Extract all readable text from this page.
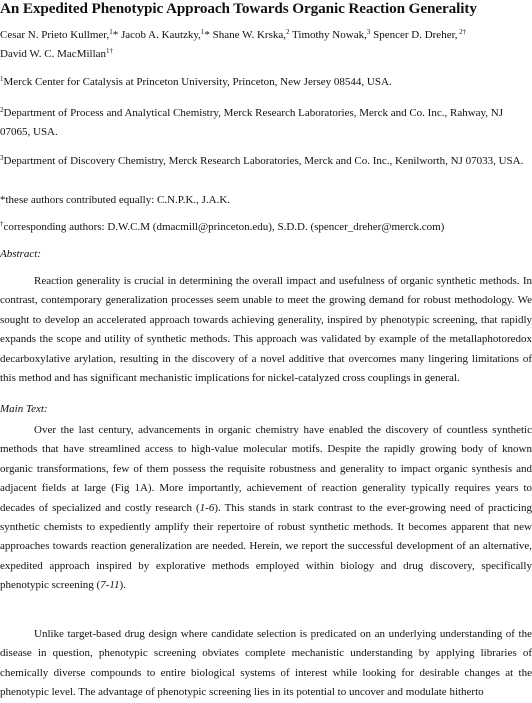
An Expedited Phenotypic Approach Towards Organic Reaction Generality
Cesar N. Prieto Kullmer,$^1$* Jacob A. Kautzky,$^1$* Shane W. Krska,$^2$ Timothy Nowak,$^3$ Spencer D. Dreher, $^{2\dagger}$
David W. C. MacMillan$^{1\dagger}$
$^1$Merck Center for Catalysis at Princeton University, Princeton, New Jersey 08544, USA.
$^2$Department of Process and Analytical Chemistry, Merck Research Laboratories, Merck and Co. Inc., Rahway, NJ 07065, USA.
$^3$Department of Discovery Chemistry, Merck Research Laboratories, Merck and Co. Inc., Kenilworth, NJ 07033, USA.
*these authors contributed equally: C.N.P.K., J.A.K.
†corresponding authors: D.W.C.M (dmacmill@princeton.edu), S.D.D. (spencer_dreher@merck.com)
Abstract:

Reaction generality is crucial in determining the overall impact and usefulness of organic synthetic methods. In contrast, contemporary generalization processes seem unable to meet the growing demand for robust methodology. We sought to develop an accelerated approach towards achieving generality, inspired by phenotypic screening, that rapidly expands the scope and utility of synthetic methods. This approach was validated by example of the metallaphotoredox decarboxylative arylation, resulting in the discovery of a novel additive that overcomes many lingering limitations of this method and has significant mechanistic implications for nickel-catalyzed cross couplings in general.

Main Text:

Over the last century, advancements in organic chemistry have enabled the discovery of countless synthetic methods that have streamlined access to high-value molecular motifs. Despite the rapidly growing body of known organic transformations, few of them possess the requisite robustness and generality to impact organic synthesis and adjacent fields at large (Fig 1A). More importantly, achievement of reaction generality typically requires years to decades of specialized and costly research (1-6). This stands in stark contrast to the ever-growing need of practicing synthetic chemists to expediently amplify their repertoire of robust synthetic methods. It becomes apparent that new approaches towards reaction generalization are needed. Herein, we report the successful development of an alternative, expedited approach inspired by explorative methods employed within biology and drug discovery, specifically phenotypic screening (7-11).

Unlike target-based drug design where candidate selection is predicated on an underlying understanding of the disease in question, phenotypic screening obviates complete mechanistic understanding by applying libraries of chemically diverse compounds to entire biological systems of interest while looking for desirable changes at the phenotypic level. The advantage of phenotypic screening lies in its potential to uncover and modulate hitherto
